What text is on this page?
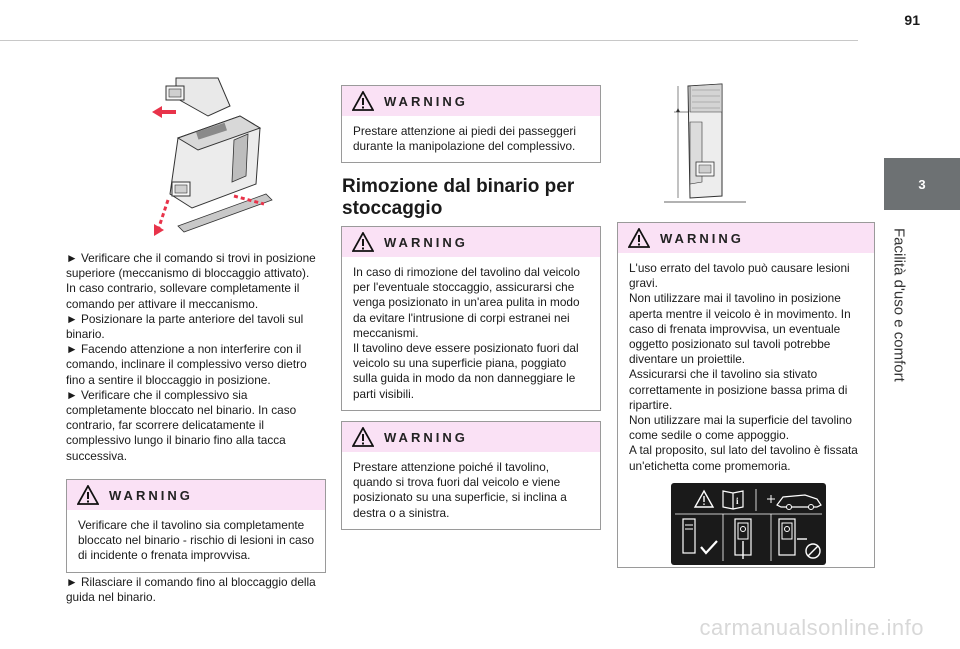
91
3
Facilità d'uso e comfort

► Verificare che il comando si trovi in posizione superiore (meccanismo di bloccaggio attivato).

In caso contrario, sollevare completamente il comando per attivare il meccanismo.

► Posizionare la parte anteriore del tavoli sul binario.

► Facendo attenzione a non interferire con il comando, inclinare il complessivo verso dietro fino a sentire il bloccaggio in posizione.

► Verificare che il complessivo sia completamente bloccato nel binario. In caso contrario, far scorrere delicatamente il complessivo lungo il binario fino alla tacca successiva.

WARNING
Verificare che il tavolino sia completamente bloccato nel binario - rischio di lesioni in caso di incidente o frenata improvvisa.
► Rilasciare il comando fino al bloccaggio della guida nel binario.
WARNING
Prestare attenzione ai piedi dei passeggeri durante la manipolazione del complessivo.
Rimozione dal binario per stoccaggio
WARNING

In caso di rimozione del tavolino dal veicolo per l'eventuale stoccaggio, assicurarsi che venga posizionato in un'area pulita in modo da evitare l'intrusione di corpi estranei nei meccanismi.

Il tavolino deve essere posizionato fuori dal veicolo su una superficie piana, poggiato sulla guida in modo da non danneggiare le parti visibili.

WARNING
Prestare attenzione poiché il tavolino, quando si trova fuori dal veicolo e viene posizionato su una superficie, si inclina a destra o a sinistra.
WARNING

L'uso errato del tavolo può causare lesioni gravi.

Non utilizzare mai il tavolino in posizione aperta mentre il veicolo è in movimento. In caso di frenata improvvisa, un eventuale oggetto posizionato sul tavoli potrebbe diventare un proiettile.

Assicurarsi che il tavolino sia stivato correttamente in posizione bassa prima di ripartire.

Non utilizzare mai la superficie del tavolino come sedile o come appoggio.

A tal proposito, sul lato del tavolino è fissata un'etichetta come promemoria.

i
carmanualsonline.info
